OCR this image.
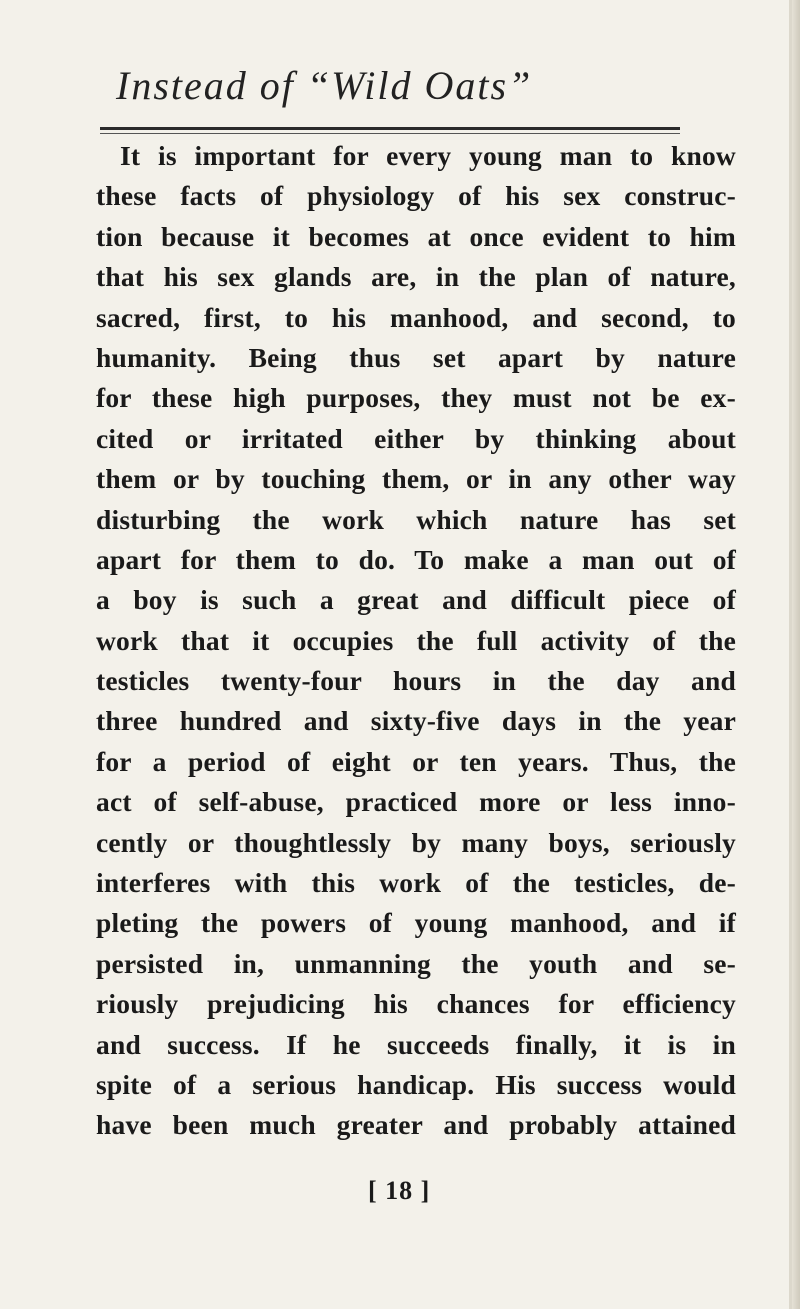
Instead of “Wild Oats”
It is important for every young man to know
these facts of physiology of his sex construc-
tion because it becomes at once evident to him
that his sex glands are, in the plan of nature,
sacred, first, to his manhood, and second, to
humanity. Being thus set apart by nature
for these high purposes, they must not be ex-
cited or irritated either by thinking about
them or by touching them, or in any other way
disturbing the work which nature has set
apart for them to do. To make a man out of
a boy is such a great and difficult piece of
work that it occupies the full activity of the
testicles twenty-four hours in the day and
three hundred and sixty-five days in the year
for a period of eight or ten years. Thus, the
act of self-abuse, practiced more or less inno-
cently or thoughtlessly by many boys, seriously
interferes with this work of the testicles, de-
pleting the powers of young manhood, and if
persisted in, unmanning the youth and se-
riously prejudicing his chances for efficiency
and success. If he succeeds finally, it is in
spite of a serious handicap. His success would
have been much greater and probably attained
[ 18 ]
